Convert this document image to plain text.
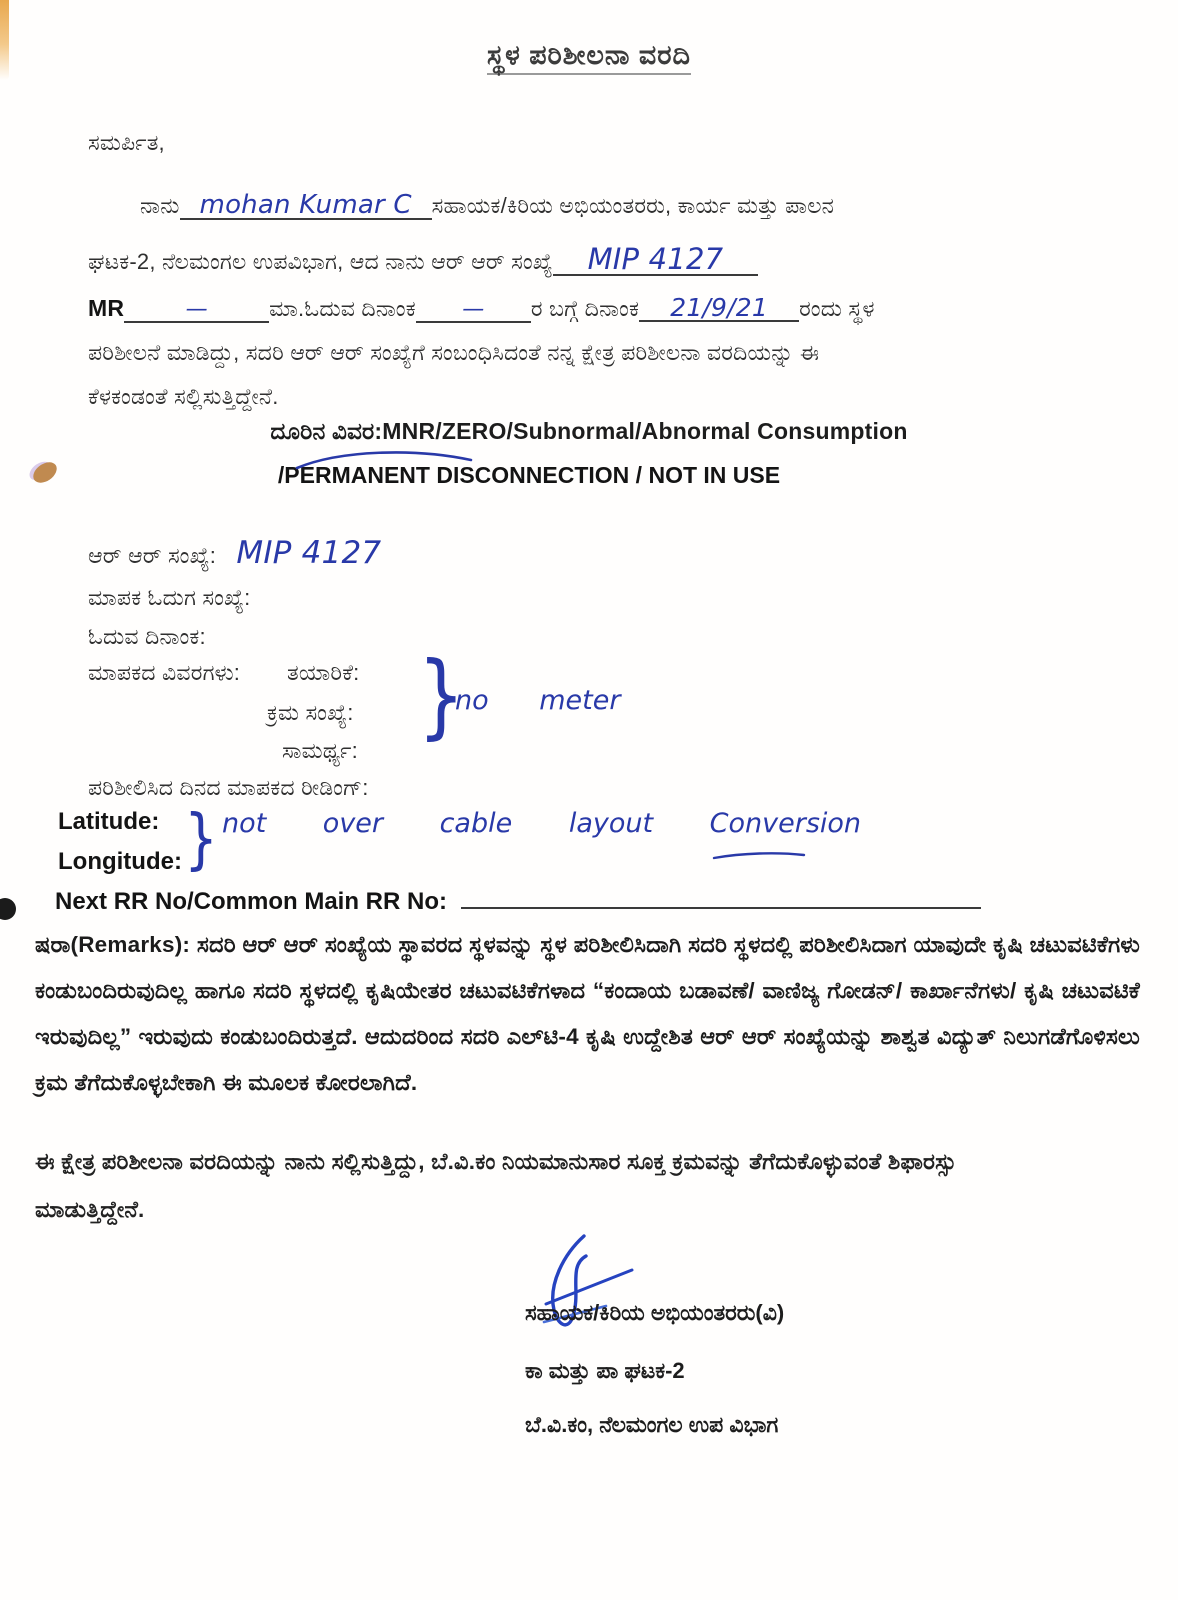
ಸ್ಥಳ ಪರಿಶೀಲನಾ ವರದಿ
ಸಮರ್ಪಿತ,
ನಾನು mohan Kumar C ಸಹಾಯಕ/ಕಿರಿಯ ಅಭಿಯಂತರರು, ಕಾರ್ಯ ಮತ್ತು ಪಾಲನ
ಘಟಕ-2, ನೆಲಮಂಗಲ ಉಪವಿಭಾಗ, ಆದ ನಾನು ಆರ್ ಆರ್ ಸಂಖ್ಯೆ MIP 4127
MR	—	ಮಾ.ಓದುವ ದಿನಾಂಕ — ರ ಬಗ್ಗೆ ದಿನಾಂಕ 21/9/21 ರಂದು ಸ್ಥಳ
ಪರಿಶೀಲನೆ ಮಾಡಿದ್ದು, ಸದರಿ ಆರ್ ಆರ್ ಸಂಖ್ಯೆಗೆ ಸಂಬಂಧಿಸಿದಂತೆ ನನ್ನ ಕ್ಷೇತ್ರ ಪರಿಶೀಲನಾ ವರದಿಯನ್ನು ಈ
ಕೆಳಕಂಡಂತೆ ಸಲ್ಲಿಸುತ್ತಿದ್ದೇನೆ.
ದೂರಿನ ವಿವರ:MNR/ZERO/Subnormal/Abnormal Consumption
/PERMANENT DISCONNECTION / NOT IN USE
ಆರ್ ಆರ್ ಸಂಖ್ಯೆ: MIP 4127
ಮಾಪಕ ಓದುಗ ಸಂಖ್ಯೆ:
ಓದುವ ದಿನಾಂಕ:
ಮಾಪಕದ ವಿವರಗಳು: ತಯಾರಿಕೆ:
ಕ್ರಮ ಸಂಖ್ಯೆ:
ಸಾಮರ್ಥ್ಯ:
}
no meter
ಪರಿಶೀಲಿಸಿದ ದಿನದ ಮಾಪಕದ ರೀಡಿಂಗ್:
Latitude:
Longitude: } not over cable layout Conversion
Next RR No/Common Main RR No:
ಷರಾ(Remarks): ಸದರಿ ಆರ್ ಆರ್ ಸಂಖ್ಯೆಯ ಸ್ಥಾವರದ ಸ್ಥಳವನ್ನು ಸ್ಥಳ ಪರಿಶೀಲಿಸಿದಾಗಿ ಸದರಿ ಸ್ಥಳದಲ್ಲಿ ಪರಿಶೀಲಿಸಿದಾಗ ಯಾವುದೇ ಕೃಷಿ ಚಟುವಟಿಕೆಗಳು ಕಂಡುಬಂದಿರುವುದಿಲ್ಲ ಹಾಗೂ ಸದರಿ ಸ್ಥಳದಲ್ಲಿ ಕೃಷಿಯೇತರ ಚಟುವಟಿಕೆಗಳಾದ “ಕಂದಾಯ ಬಡಾವಣೆ/ ವಾಣಿಜ್ಯ ಗೋಡನ್/ ಕಾರ್ಖಾನೆಗಳು/ ಕೃಷಿ ಚಟುವಟಿಕೆ ಇರುವುದಿಲ್ಲ” ಇರುವುದು ಕಂಡುಬಂದಿರುತ್ತದೆ. ಆದುದರಿಂದ ಸದರಿ ಎಲ್‌ಟಿ-4 ಕೃಷಿ ಉದ್ದೇಶಿತ ಆರ್ ಆರ್ ಸಂಖ್ಯೆಯನ್ನು ಶಾಶ್ವತ ವಿದ್ಯುತ್ ನಿಲುಗಡೆಗೊಳಿಸಲು ಕ್ರಮ ತೆಗೆದುಕೊಳ್ಳಬೇಕಾಗಿ ಈ ಮೂಲಕ ಕೋರಲಾಗಿದೆ.
ಈ ಕ್ಷೇತ್ರ ಪರಿಶೀಲನಾ ವರದಿಯನ್ನು ನಾನು ಸಲ್ಲಿಸುತ್ತಿದ್ದು, ಬೆ.ವಿ.ಕಂ ನಿಯಮಾನುಸಾರ ಸೂಕ್ತ ಕ್ರಮವನ್ನು ತೆಗೆದುಕೊಳ್ಳುವಂತೆ ಶಿಫಾರಸ್ಸು ಮಾಡುತ್ತಿದ್ದೇನೆ.
ಸಹಾಯಕ/ಕಿರಿಯ ಅಭಿಯಂತರರು(ವಿ)
ಕಾ ಮತ್ತು ಪಾ ಘಟಕ-2
ಬೆ.ವಿ.ಕಂ, ನೆಲಮಂಗಲ ಉಪ ವಿಭಾಗ
